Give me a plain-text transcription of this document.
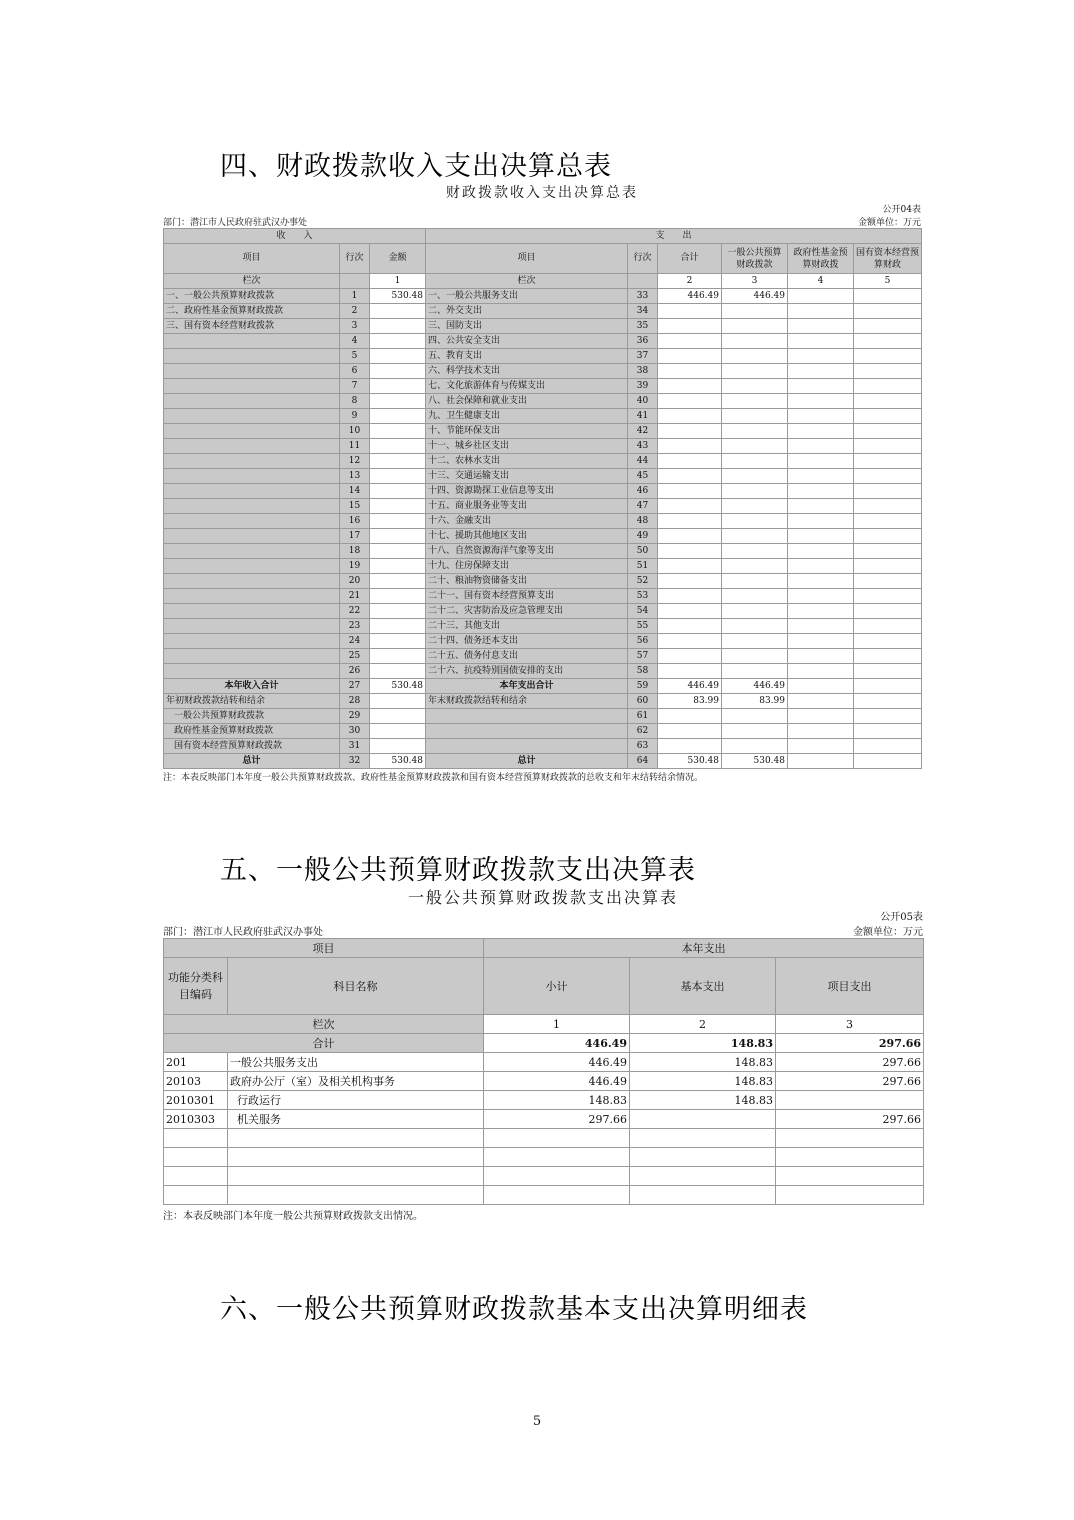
四、财政拨款收入支出决算总表
财政拨款收入支出决算总表
公开04表
部门：潜江市人民政府驻武汉办事处	金额单位：万元
收　　入			支　　出					
项目	行次	金额	项目	行次	合计	一般公共预算财政拨款	政府性基金预算财政拨	国有资本经营预算财政
栏次		1	栏次		2	3	4	5
一、一般公共预算财政拨款	1	530.48	一、一般公共服务支出	33	446.49	446.49		
二、政府性基金预算财政拨款	2		二、外交支出	34				
三、国有资本经营财政拨款	3		三、国防支出	35				
	4		四、公共安全支出	36				
	5		五、教育支出	37				
	6		六、科学技术支出	38				
	7		七、文化旅游体育与传媒支出	39				
	8		八、社会保障和就业支出	40				
	9		九、卫生健康支出	41				
	10		十、节能环保支出	42				
	11		十一、城乡社区支出	43				
	12		十二、农林水支出	44				
	13		十三、交通运输支出	45				
	14		十四、资源勘探工业信息等支出	46				
	15		十五、商业服务业等支出	47				
	16		十六、金融支出	48				
	17		十七、援助其他地区支出	49				
	18		十八、自然资源海洋气象等支出	50				
	19		十九、住房保障支出	51				
	20		二十、粮油物资储备支出	52				
	21		二十一、国有资本经营预算支出	53				
	22		二十二、灾害防治及应急管理支出	54				
	23		二十三、其他支出	55				
	24		二十四、债务还本支出	56				
	25		二十五、债务付息支出	57				
	26		二十六、抗疫特别国债安排的支出	58				
本年收入合计	27	530.48	本年支出合计	59	446.49	446.49		
年初财政拨款结转和结余	28		年末财政拨款结转和结余	60	83.99	83.99		
一般公共预算财政拨款	29			61				
政府性基金预算财政拨款	30			62				
国有资本经营预算财政拨款	31			63				
总计	32	530.48	总计	64	530.48	530.48		
注：本表反映部门本年度一般公共预算财政拨款、政府性基金预算财政拨款和国有资本经营预算财政拨款的总收支和年末结转结余情况。
五、一般公共预算财政拨款支出决算表
一般公共预算财政拨款支出决算表
公开05表
部门：潜江市人民政府驻武汉办事处	金额单位：万元
项目		本年支出		
功能分类科目编码	科目名称	小计	基本支出	项目支出
栏次		1	2	3
合计		446.49	148.83	297.66
201	一般公共服务支出	446.49	148.83	297.66
20103	政府办公厅（室）及相关机构事务	446.49	148.83	297.66
2010301	行政运行	148.83	148.83	
2010303	机关服务	297.66		297.66

注：本表反映部门本年度一般公共预算财政拨款支出情况。
六、一般公共预算财政拨款基本支出决算明细表
5
